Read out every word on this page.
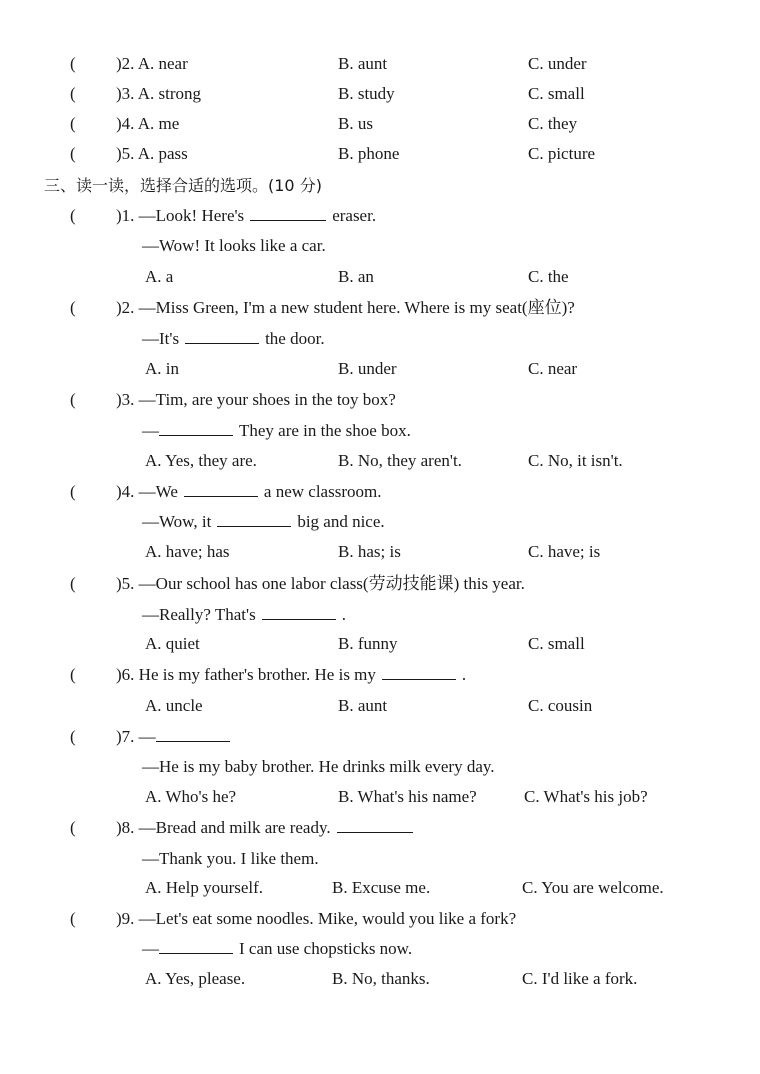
( )2. A. near	B. aunt	C. under
( )3. A. strong	B. study	C. small
( )4. A. me	B. us	C. they
( )5. A. pass	B. phone	C. picture
三、读一读，选择合适的选项。(10 分)
( )1. —Look! Here's	eraser.
—Wow! It looks like a car.
A. a	B. an	C. the
( )2. —Miss Green, I'm a new student here. Where is my seat(座位)?
—It's	the door.
A. in	B. under	C. near
( )3. —Tim, are your shoes in the toy box?
—	They are in the shoe box.
A. Yes, they are.	B. No, they aren't.	C. No, it isn't.
( )4. —We	a new classroom.
—Wow, it	big and nice.
A. have; has	B. has; is	C. have; is
( )5. —Our school has one labor class(劳动技能课) this year.
—Really? That's	.
A. quiet	B. funny	C. small
( )6. He is my father's brother. He is my	.
A. uncle	B. aunt	C. cousin
( )7. —
—He is my baby brother. He drinks milk every day.
A. Who's he?	B. What's his name?	C. What's his job?
( )8. —Bread and milk are ready.
—Thank you. I like them.
A. Help yourself.	B. Excuse me.	C. You are welcome.
( )9. —Let's eat some noodles. Mike, would you like a fork?
—	I can use chopsticks now.
A. Yes, please.	B. No, thanks.	C. I'd like a fork.
